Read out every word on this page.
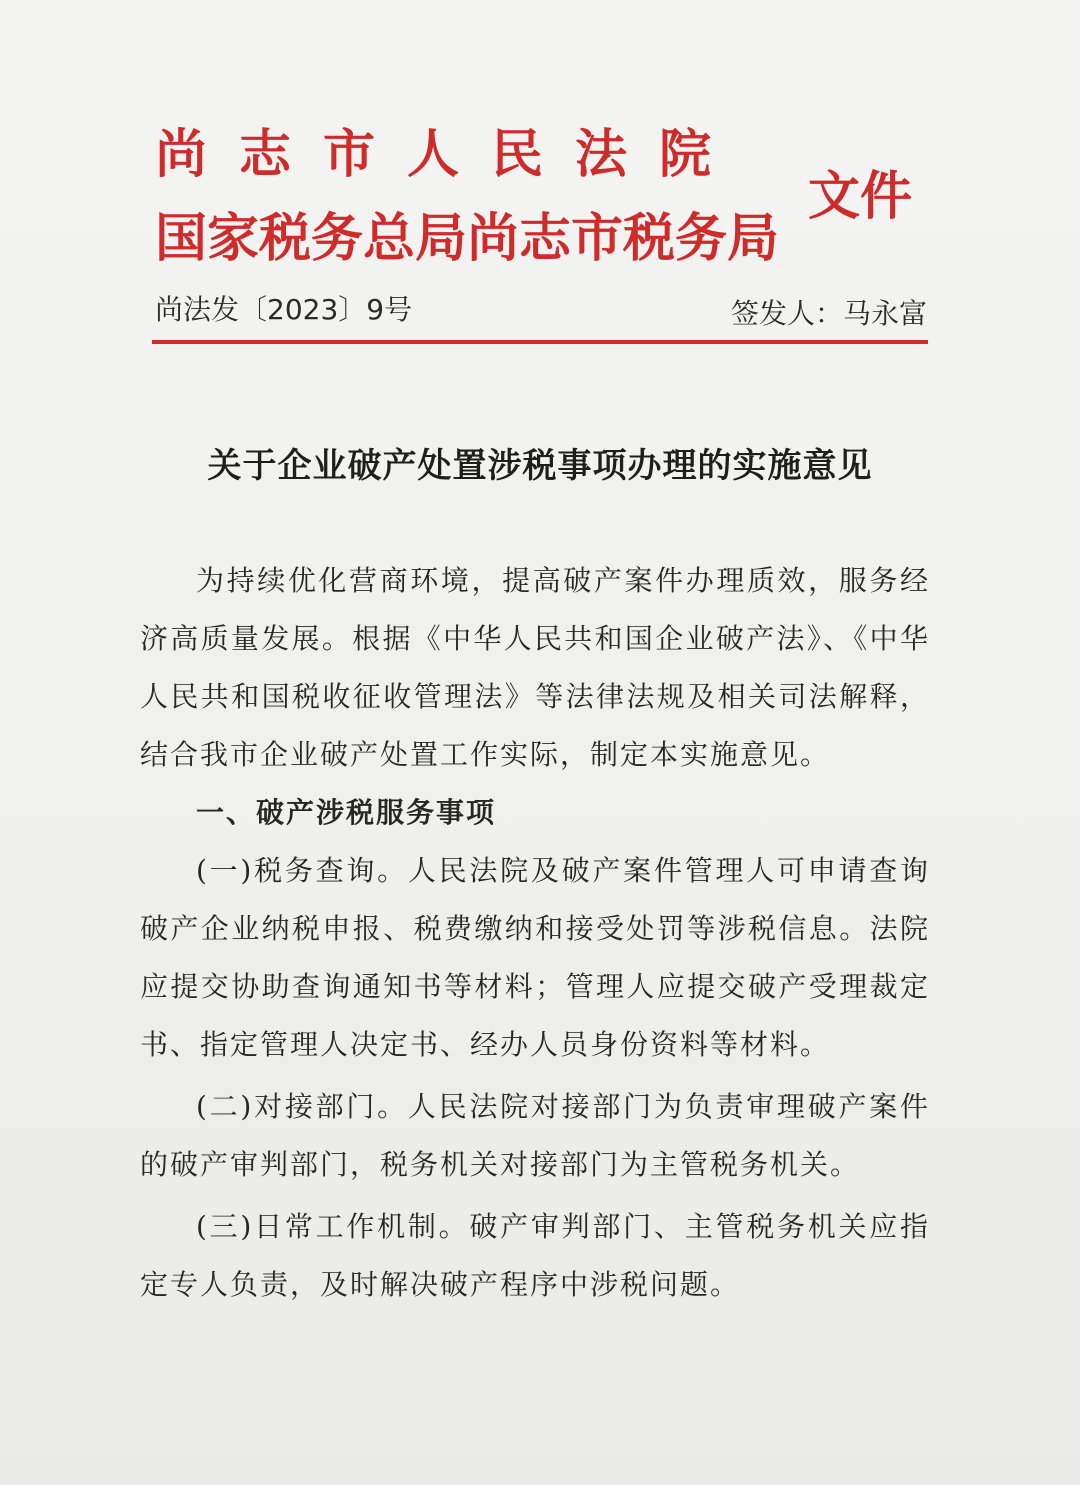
尚志市人民法院
国家税务总局尚志市税务局
文件
尚法发〔2023〕9号	签发人：马永富
关于企业破产处置涉税事项办理的实施意见

为持续优化营商环境，提高破产案件办理质效，服务经济高质量发展。根据《中华人民共和国企业破产法》、《中华人民共和国税收征收管理法》等法律法规及相关司法解释，结合我市企业破产处置工作实际，制定本实施意见。

一、破产涉税服务事项

(一)税务查询。人民法院及破产案件管理人可申请查询破产企业纳税申报、税费缴纳和接受处罚等涉税信息。法院应提交协助查询通知书等材料；管理人应提交破产受理裁定书、指定管理人决定书、经办人员身份资料等材料。

(二)对接部门。人民法院对接部门为负责审理破产案件的破产审判部门，税务机关对接部门为主管税务机关。

(三)日常工作机制。破产审判部门、主管税务机关应指定专人负责，及时解决破产程序中涉税问题。
